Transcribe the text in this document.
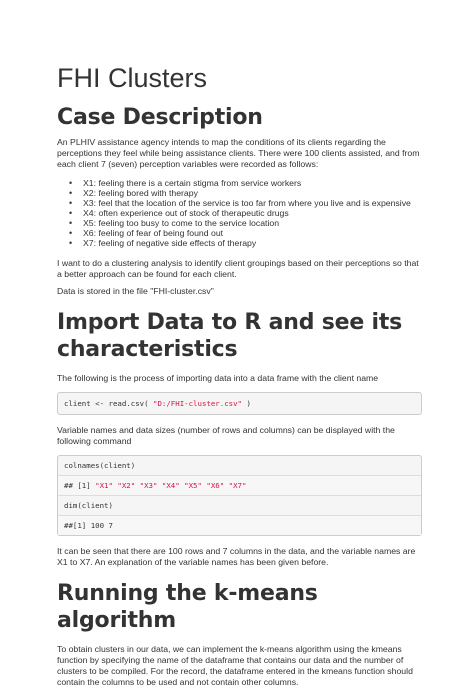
FHI Clusters
Case Description

An PLHIV assistance agency intends to map the conditions of its clients regarding the perceptions they feel while being assistance clients. There were 100 clients assisted, and from each client 7 (seven) perception variables were recorded as follows:

• X1: feeling there is a certain stigma from service workers
• X2: feeling bored with therapy
• X3: feel that the location of the service is too far from where you live and is expensive
• X4: often experience out of stock of therapeutic drugs
• X5: feeling too busy to come to the service location
• X6: feeling of fear of being found out
• X7: feeling of negative side effects of therapy

I want to do a clustering analysis to identify client groupings based on their perceptions so that a better approach can be found for each client.

Data is stored in the file "FHI-cluster.csv"

Import Data to R and see its characteristics

The following is the process of importing data into a data frame with the client name

client <- read.csv( "D:/FHI-cluster.csv" )

Variable names and data sizes (number of rows and columns) can be displayed with the following command

colnames(client)
## [1] "X1" "X2" "X3" "X4" "X5" "X6" "X7"
dim(client)
##[1] 100 7

It can be seen that there are 100 rows and 7 columns in the data, and the variable names are X1 to X7. An explanation of the variable names has been given before.

Running the k-means algorithm

To obtain clusters in our data, we can implement the k-means algorithm using the kmeans function by specifying the name of the dataframe that contains our data and the number of clusters to be compiled. For the record, the dataframe entered in the kmeans function should contain the columns to be used and not contain other columns.
